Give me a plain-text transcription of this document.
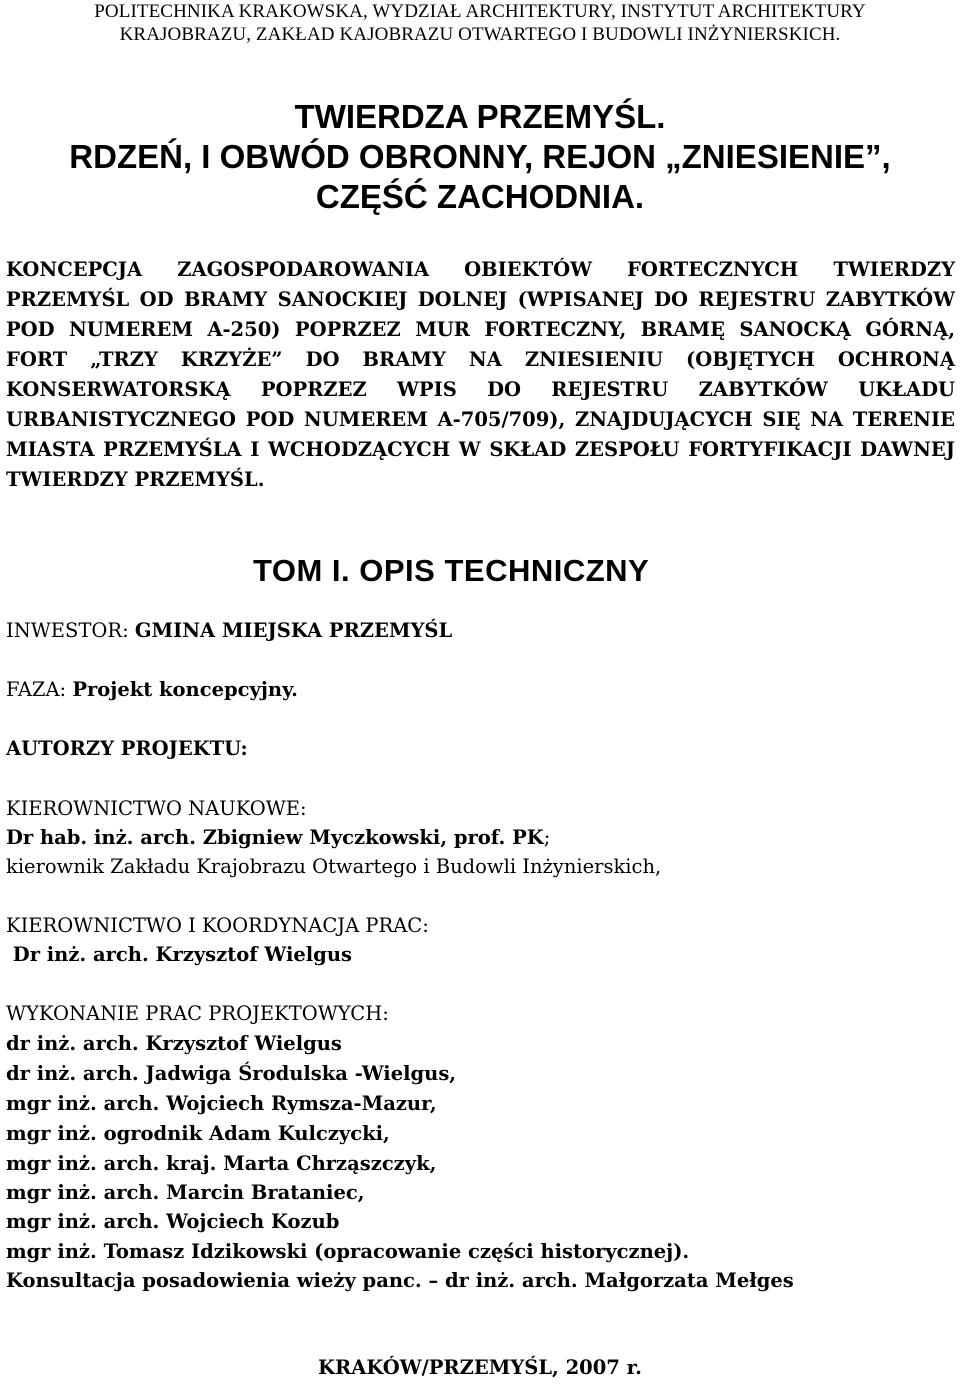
POLITECHNIKA KRAKOWSKA, WYDZIAŁ ARCHITEKTURY, INSTYTUT ARCHITEKTURY
KRAJOBRAZU, ZAKŁAD KAJOBRAZU OTWARTEGO I BUDOWLI INŻYNIERSKICH.
TWIERDZA PRZEMYŚL.
RDZEŃ, I OBWÓD OBRONNY, REJON „ZNIESIENIE”,
CZĘŚĆ ZACHODNIA.
KONCEPCJA ZAGOSPODAROWANIA OBIEKTÓW FORTECZNYCH TWIERDZY PRZEMYŚL OD BRAMY SANOCKIEJ DOLNEJ (WPISANEJ DO REJESTRU ZABYTKÓW POD NUMEREM A-250) POPRZEZ MUR FORTECZNY, BRAMĘ SANOCKĄ GÓRNĄ, FORT „TRZY KRZYŻE” DO BRAMY NA ZNIESIENIU (OBJĘTYCH OCHRONĄ KONSERWATORSKĄ POPRZEZ WPIS DO REJESTRU ZABYTKÓW UKŁADU URBANISTYCZNEGO POD NUMEREM A-705/709), ZNAJDUJĄCYCH SIĘ NA TERENIE MIASTA PRZEMYŚLA I WCHODZĄCYCH W SKŁAD ZESPOŁU FORTYFIKACJI DAWNEJ TWIERDZY PRZEMYŚL.
TOM I. OPIS TECHNICZNY
INWESTOR: GMINA MIEJSKA PRZEMYŚL
FAZA: Projekt koncepcyjny.
AUTORZY PROJEKTU:
KIEROWNICTWO NAUKOWE:
Dr hab. inż. arch. Zbigniew Myczkowski, prof. PK;
kierownik Zakładu Krajobrazu Otwartego i Budowli Inżynierskich,
KIEROWNICTWO I KOORDYNACJA PRAC:
Dr inż. arch. Krzysztof Wielgus
WYKONANIE PRAC PROJEKTOWYCH:
dr inż. arch. Krzysztof Wielgus
dr inż. arch. Jadwiga Środulska -Wielgus,
mgr inż. arch. Wojciech Rymsza-Mazur,
mgr inż. ogrodnik Adam Kulczycki,
mgr inż. arch. kraj. Marta Chrząszczyk,
mgr inż. arch. Marcin Brataniec,
mgr inż. arch. Wojciech Kozub
mgr inż. Tomasz Idzikowski (opracowanie części historycznej).
Konsultacja posadowienia wieży panc. – dr inż. arch. Małgorzata Mełges
KRAKÓW/PRZEMYŚL, 2007 r.
